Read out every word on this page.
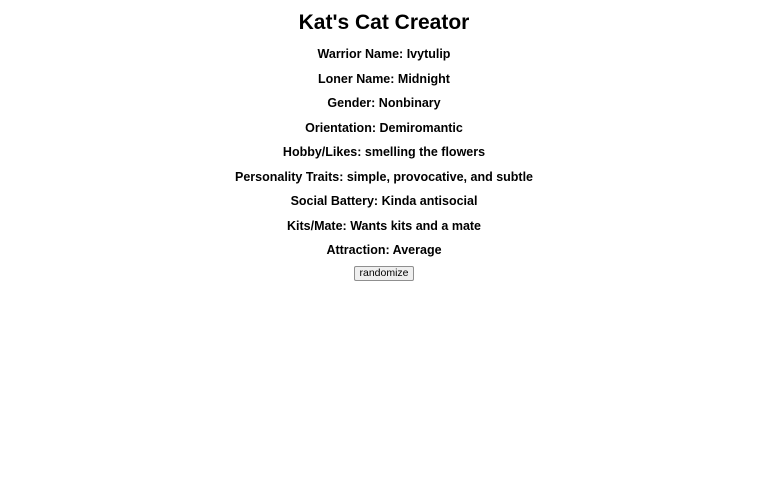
Kat's Cat Creator
Warrior Name: Ivytulip
Loner Name: Midnight
Gender: Nonbinary
Orientation: Demiromantic
Hobby/Likes: smelling the flowers
Personality Traits: simple, provocative, and subtle
Social Battery: Kinda antisocial
Kits/Mate: Wants kits and a mate
Attraction: Average
randomize
